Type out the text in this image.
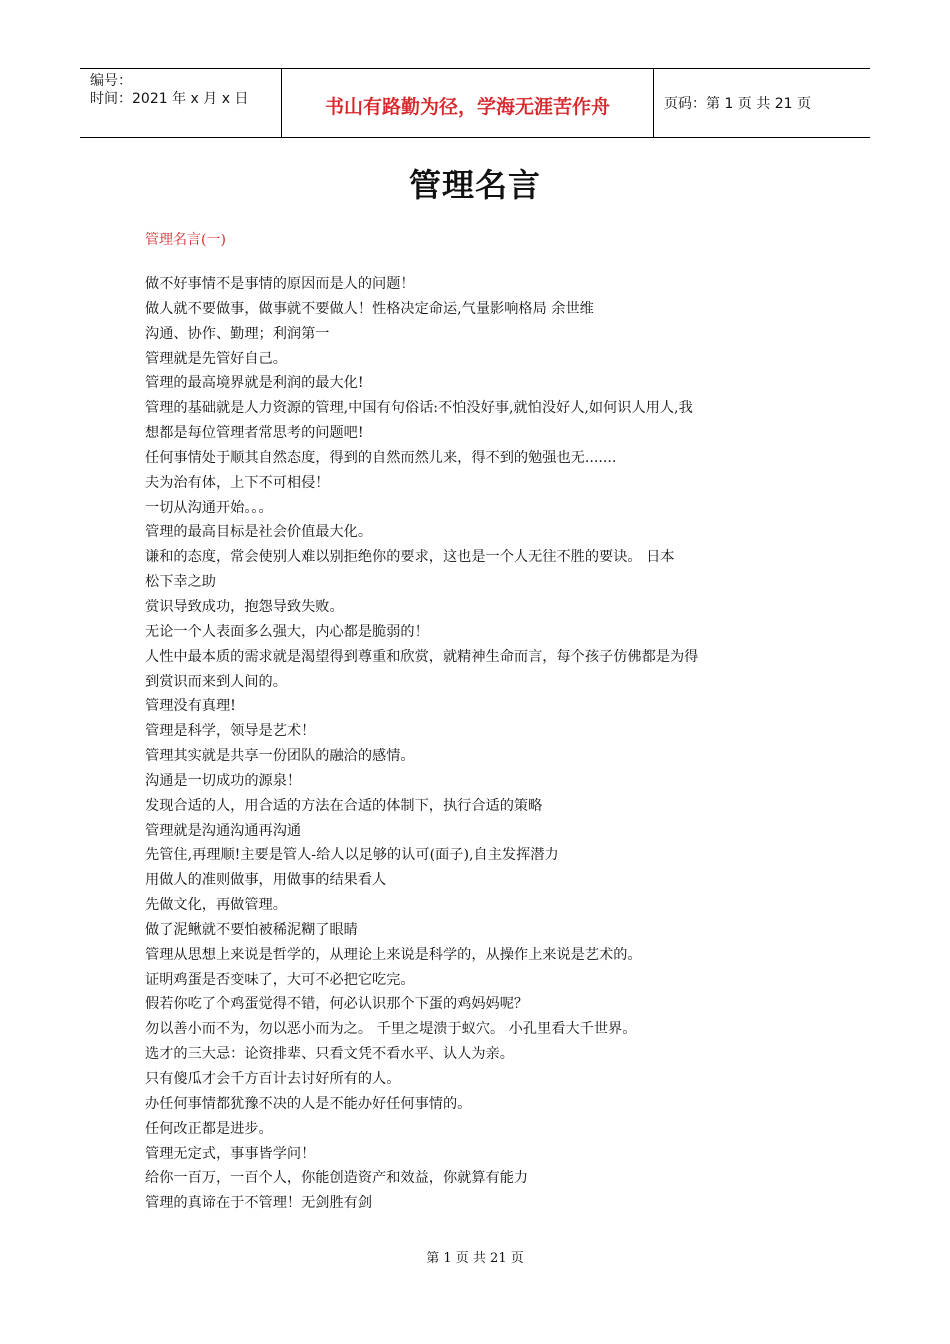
编号：
时间：2021 年 x 月 x 日	书山有路勤为径，学海无涯苦作舟	页码：第 1 页 共 21 页
管理名言
管理名言(一)
做不好事情不是事情的原因而是人的问题！
做人就不要做事，做事就不要做人！性格决定命运,气量影响格局 余世维
沟通、协作、勤理；利润第一
管理就是先管好自己。
管理的最高境界就是利润的最大化!
管理的基础就是人力资源的管理,中国有句俗话:不怕没好事,就怕没好人,如何识人用人,我
想都是每位管理者常思考的问题吧!
任何事情处于顺其自然态度，得到的自然而然儿来，得不到的勉强也无.......
夫为治有体，上下不可相侵！
一切从沟通开始。。。
管理的最高目标是社会价值最大化。
谦和的态度，常会使别人难以别拒绝你的要求，这也是一个人无往不胜的要诀。 日本
松下幸之助
赏识导致成功，抱怨导致失败。
无论一个人表面多么强大，内心都是脆弱的！
人性中最本质的需求就是渴望得到尊重和欣赏，就精神生命而言，每个孩子仿佛都是为得
到赏识而来到人间的。
管理没有真理!
管理是科学，领导是艺术！
管理其实就是共享一份团队的融洽的感情。
沟通是一切成功的源泉！
发现合适的人，用合适的方法在合适的体制下，执行合适的策略
管理就是沟通沟通再沟通
先管住,再理顺!主要是管人-给人以足够的认可(面子),自主发挥潜力
用做人的准则做事，用做事的结果看人
先做文化，再做管理。
做了泥鳅就不要怕被稀泥糊了眼睛
管理从思想上来说是哲学的，从理论上来说是科学的，从操作上来说是艺术的。
证明鸡蛋是否变味了，大可不必把它吃完。
假若你吃了个鸡蛋觉得不错，何必认识那个下蛋的鸡妈妈呢？
勿以善小而不为，勿以恶小而为之。 千里之堤溃于蚁穴。 小孔里看大千世界。
选才的三大忌：论资排辈、只看文凭不看水平、认人为亲。
只有傻瓜才会千方百计去讨好所有的人。
办任何事情都犹豫不决的人是不能办好任何事情的。
任何改正都是进步。
管理无定式，事事皆学问！
给你一百万，一百个人，你能创造资产和效益，你就算有能力
管理的真谛在于不管理！无剑胜有剑
第 1 页 共 21 页
